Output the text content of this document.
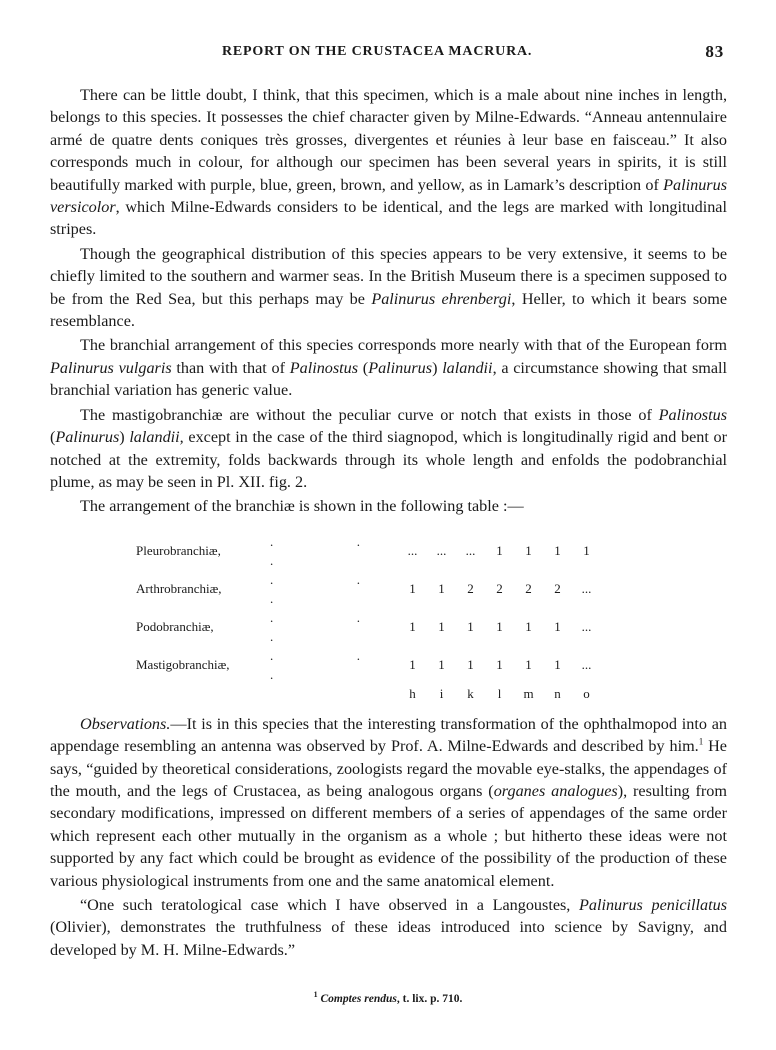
REPORT ON THE CRUSTACEA MACRURA.	83

There can be little doubt, I think, that this specimen, which is a male about nine inches in length, belongs to this species. It possesses the chief character given by Milne-Edwards. “Anneau antennulaire armé de quatre dents coniques très grosses, divergentes et réunies à leur base en faisceau.” It also corresponds much in colour, for although our specimen has been several years in spirits, it is still beautifully marked with purple, blue, green, brown, and yellow, as in Lamark’s description of Palinurus versicolor, which Milne-Edwards considers to be identical, and the legs are marked with longitudinal stripes.

Though the geographical distribution of this species appears to be very extensive, it seems to be chiefly limited to the southern and warmer seas. In the British Museum there is a specimen supposed to be from the Red Sea, but this perhaps may be Palinurus ehrenbergi, Heller, to which it bears some resemblance.

The branchial arrangement of this species corresponds more nearly with that of the European form Palinurus vulgaris than with that of Palinostus (Palinurus) lalandii, a circumstance showing that small branchial variation has generic value.

The mastigobranchiæ are without the peculiar curve or notch that exists in those of Palinostus (Palinurus) lalandii, except in the case of the third siagnopod, which is longitudinally rigid and bent or notched at the extremity, folds backwards through its whole length and enfolds the podobranchial plume, as may be seen in Pl. XII. fig. 2.

The arrangement of the branchiæ is shown in the following table :—

Pleurobranchiæ,	. . .	...	...	...	1	1	1	1
Arthrobranchiæ,	. . .	1	1	2	2	2	2	...
Podobranchiæ,	. . .	1	1	1	1	1	1	...
Mastigobranchiæ,	. . .	1	1	1	1	1	1	...
		h	i	k	l	m	n	o

Observations.—It is in this species that the interesting transformation of the ophthalmopod into an appendage resembling an antenna was observed by Prof. A. Milne-Edwards and described by him.$^1$ He says, “guided by theoretical considerations, zoologists regard the movable eye-stalks, the appendages of the mouth, and the legs of Crustacea, as being analogous organs (organes analogues), resulting from secondary modifications, impressed on different members of a series of appendages of the same order which represent each other mutually in the organism as a whole ; but hitherto these ideas were not supported by any fact which could be brought as evidence of the possibility of the production of these various physiological instruments from one and the same anatomical element.

“One such teratological case which I have observed in a Langoustes, Palinurus penicillatus (Olivier), demonstrates the truthfulness of these ideas introduced into science by Savigny, and developed by M. H. Milne-Edwards.”

$^1$ Comptes rendus, t. lix. p. 710.
